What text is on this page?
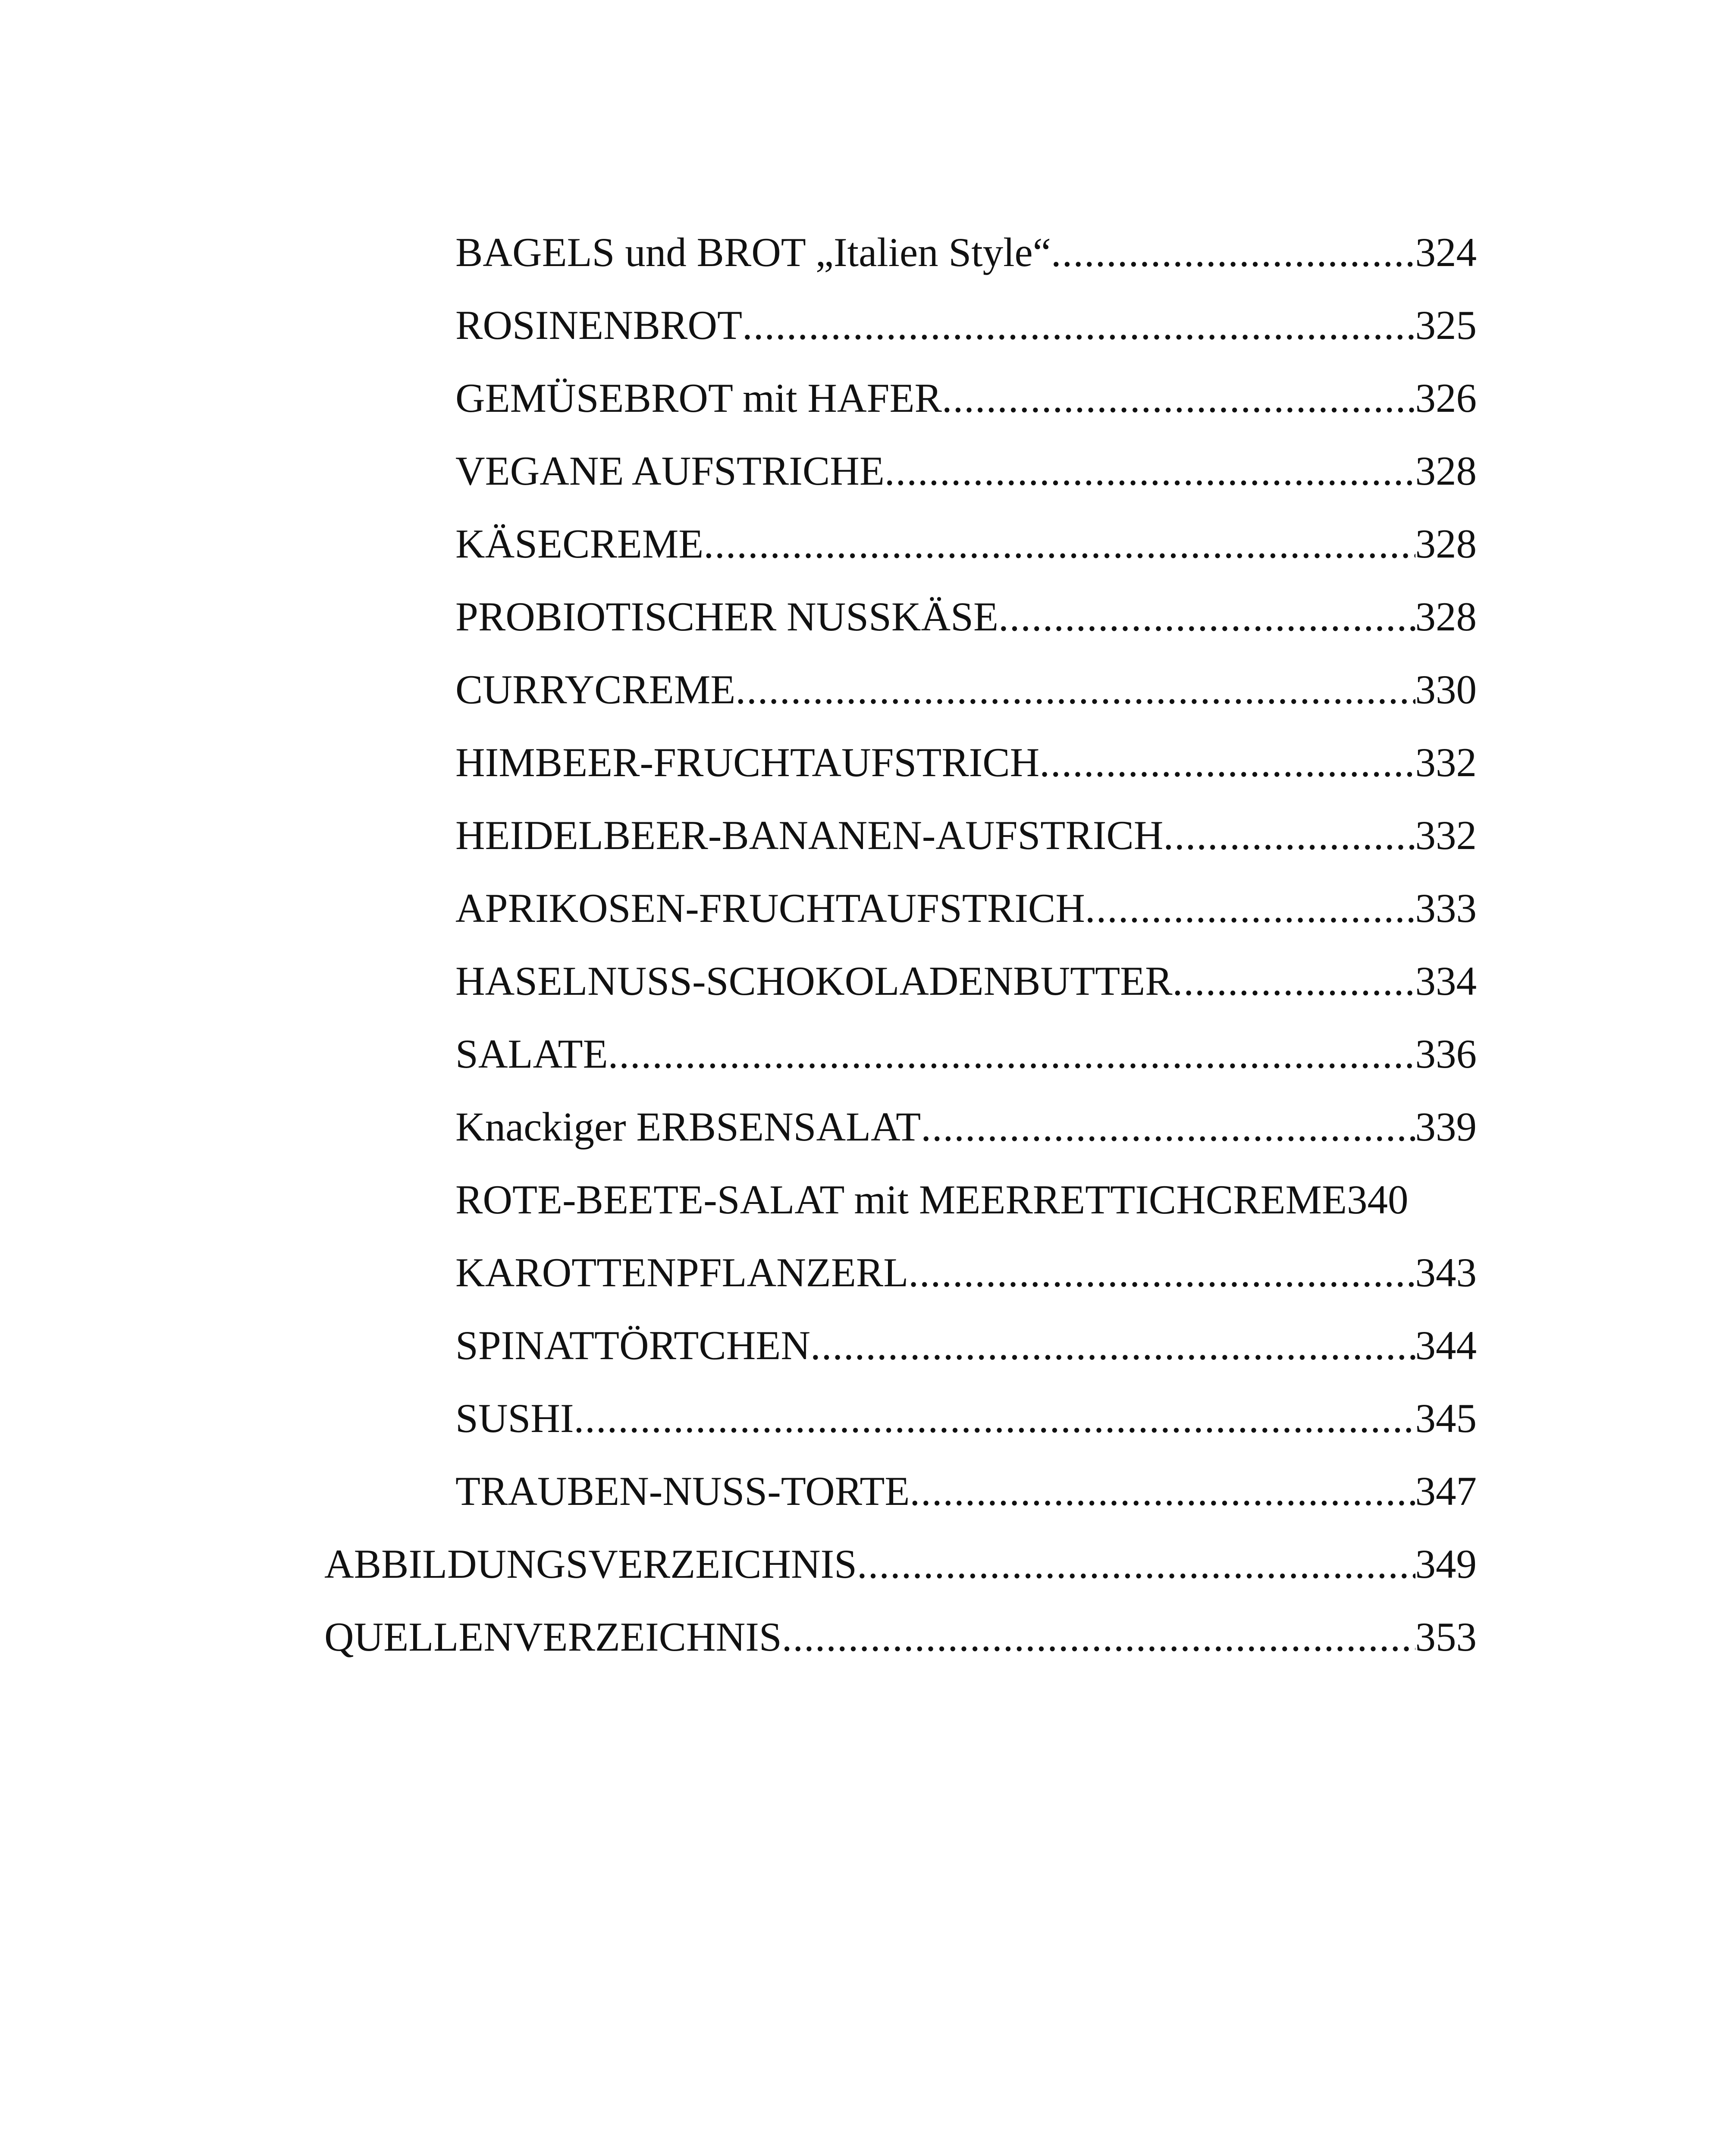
BAGELS und BROT „Italien Style“ .....	324
ROSINENBROT .....	325
GEMÜSEBROT mit HAFER .....	326
VEGANE AUFSTRICHE .....	328
KÄSECREME .....	328
PROBIOTISCHER NUSSKÄSE .....	328
CURRYCREME .....	330
HIMBEER-FRUCHTAUFSTRICH .....	332
HEIDELBEER-BANANEN-AUFSTRICH .....	332
APRIKOSEN-FRUCHTAUFSTRICH .....	333
HASELNUSS-SCHOKOLADENBUTTER .....	334
SALATE .....	336
Knackiger ERBSENSALAT .....	339
ROTE-BEETE-SALAT mit MEERRETTICHCREME 340
KAROTTENPFLANZERL .....	343
SPINATTÖRTCHEN .....	344
SUSHI .....	345
TRAUBEN-NUSS-TORTE .....	347
ABBILDUNGSVERZEICHNIS .....	349
QUELLENVERZEICHNIS .....	353
